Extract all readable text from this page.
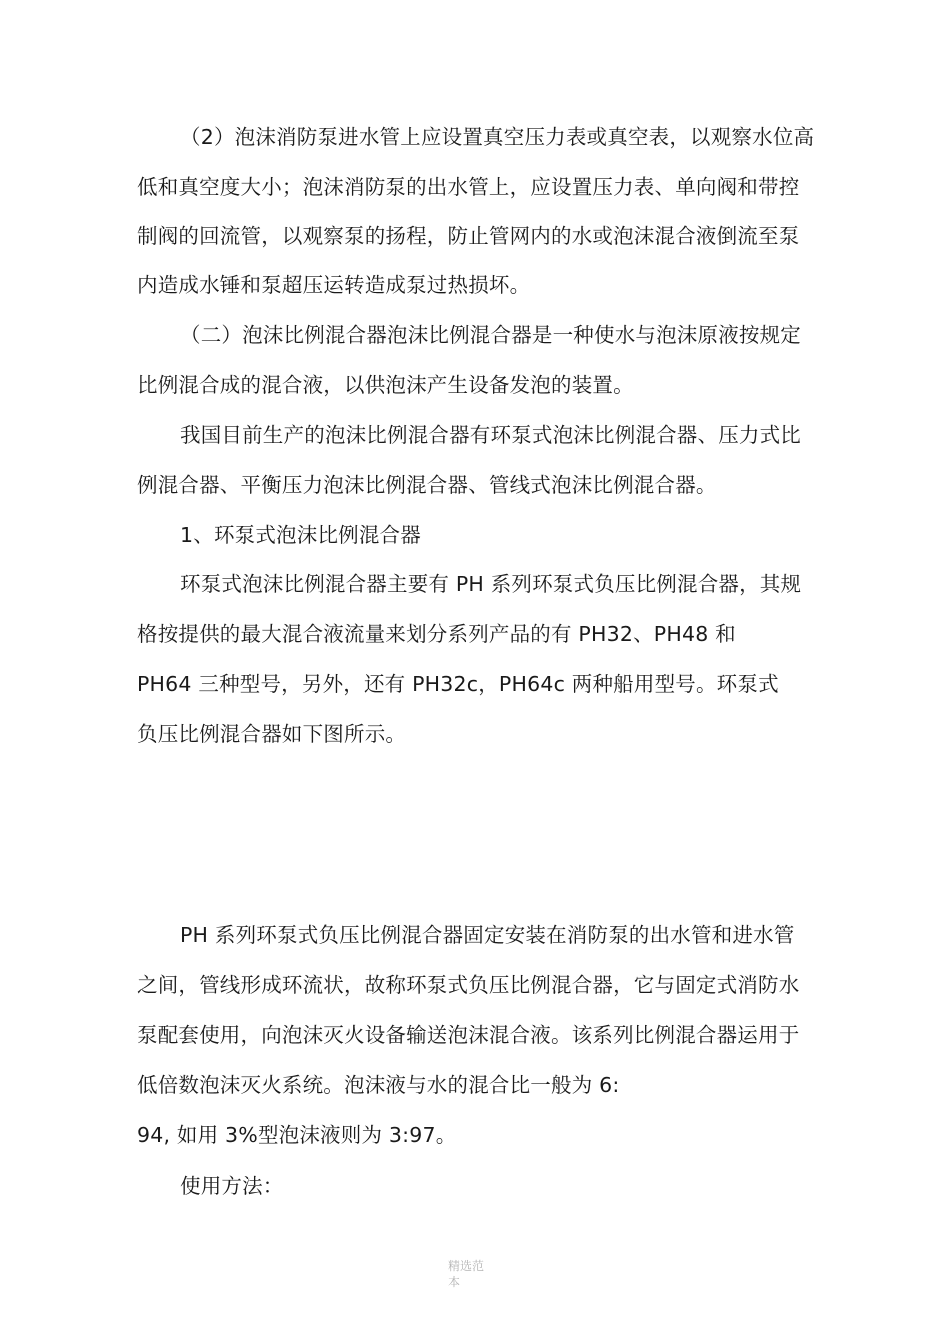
（2）泡沫消防泵进水管上应设置真空压力表或真空表，以观察水位高
低和真空度大小；泡沫消防泵的出水管上，应设置压力表、单向阀和带控
制阀的回流管，以观察泵的扬程，防止管网内的水或泡沫混合液倒流至泵
内造成水锤和泵超压运转造成泵过热损坏。
（二）泡沫比例混合器泡沫比例混合器是一种使水与泡沫原液按规定
比例混合成的混合液，以供泡沫产生设备发泡的装置。
我国目前生产的泡沫比例混合器有环泵式泡沫比例混合器、压力式比
例混合器、平衡压力泡沫比例混合器、管线式泡沫比例混合器。
1、环泵式泡沫比例混合器
环泵式泡沫比例混合器主要有 PH 系列环泵式负压比例混合器，其规
格按提供的最大混合液流量来划分系列产品的有 PH32、PH48 和
PH64 三种型号，另外，还有 PH32c，PH64c 两种船用型号。环泵式
负压比例混合器如下图所示。
PH 系列环泵式负压比例混合器固定安装在消防泵的出水管和进水管
之间，管线形成环流状，故称环泵式负压比例混合器，它与固定式消防水
泵配套使用，向泡沫灭火设备输送泡沫混合液。该系列比例混合器运用于
低倍数泡沫灭火系统。泡沫液与水的混合比一般为 6:
94, 如用 3%型泡沫液则为 3:97。
使用方法：
精选范
本
